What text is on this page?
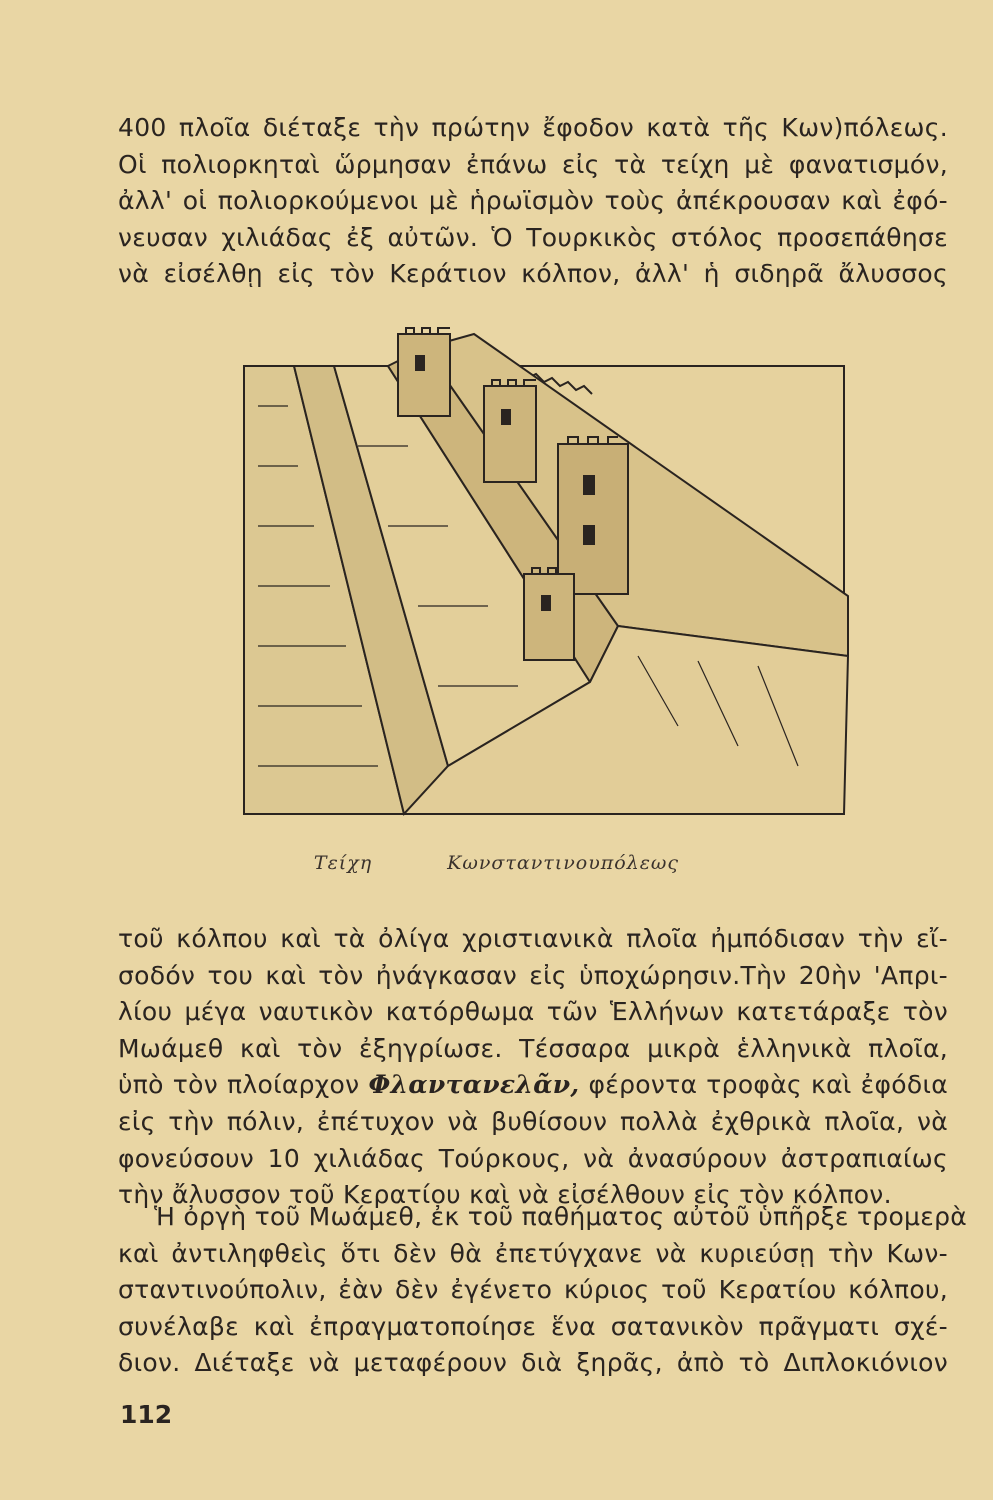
400 πλοῖα διέταξε τὴν πρώτην ἔφοδον κατὰ τῆς Κων)πόλεως.
Οἱ πολιορκηταὶ ὥρμησαν ἐπάνω εἰς τὰ τείχη μὲ φανατισμόν,
ἀλλ' οἱ πολιορκούμενοι μὲ ἡρωϊσμὸν τοὺς ἀπέκρουσαν καὶ ἐφό-
νευσαν χιλιάδας ἐξ αὐτῶν. Ὁ Τουρκικὸς στόλος προσεπάθησε
νὰ εἰσέλθῃ εἰς τὸν Κεράτιον κόλπον, ἀλλ' ἡ σιδηρᾶ ἄλυσσος
Τείχη	Κωνσταντινουπόλεως
τοῦ κόλπου καὶ τὰ ὀλίγα χριστιανικὰ πλοῖα ἠμπόδισαν τὴν εἴ-
σοδόν του καὶ τὸν ἠνάγκασαν εἰς ὑποχώρησιν.Τὴν 20ὴν 'Απρι-
λίου μέγα ναυτικὸν κατόρθωμα τῶν Ἑλλήνων κατετάραξε τὸν
Μωάμεθ καὶ τὸν ἐξηγρίωσε. Τέσσαρα μικρὰ ἑλληνικὰ πλοῖα,
ὑπὸ τὸν πλοίαρχον Φλαντανελᾶν, φέροντα τροφὰς καὶ ἐφόδια
εἰς τὴν πόλιν, ἐπέτυχον νὰ βυθίσουν πολλὰ ἐχθρικὰ πλοῖα, νὰ
φονεύσουν 10 χιλιάδας Τούρκους, νὰ ἀνασύρουν ἀστραπιαίως
τὴν ἄλυσσον τοῦ Κερατίου καὶ νὰ εἰσέλθουν εἰς τὸν κόλπον.
Ἡ ὀργὴ τοῦ Μωάμεθ, ἐκ τοῦ παθήματος αὐτοῦ ὑπῆρξε τρομερὰ
καὶ ἀντιληφθεὶς ὅτι δὲν θὰ ἐπετύγχανε νὰ κυριεύσῃ τὴν Κων-
σταντινούπολιν, ἐὰν δὲν ἐγένετο κύριος τοῦ Κερατίου κόλπου,
συνέλαβε καὶ ἐπραγματοποίησε ἕνα σατανικὸν πρᾶγματι σχέ-
διον. Διέταξε νὰ μεταφέρουν διὰ ξηρᾶς, ἀπὸ τὸ Διπλοκιόνιον
112
